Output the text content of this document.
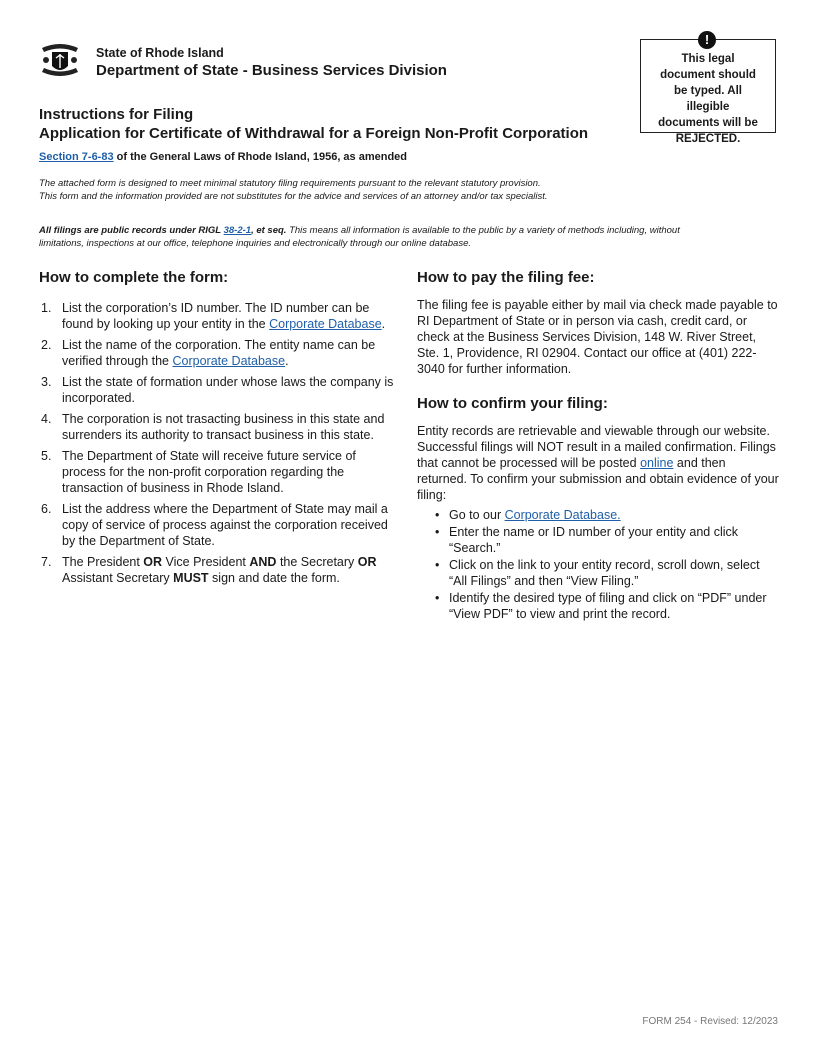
State of Rhode Island
Department of State - Business Services Division
!
This legal document should be typed. All illegible documents will be REJECTED.
Instructions for Filing
Application for Certificate of Withdrawal for a Foreign Non-Profit Corporation
Section 7-6-83 of the General Laws of Rhode Island, 1956, as amended
The attached form is designed to meet minimal statutory filing requirements pursuant to the relevant statutory provision.
This form and the information provided are not substitutes for the advice and services of an attorney and/or tax specialist.
All filings are public records under RIGL 38-2-1, et seq. This means all information is available to the public by a variety of methods including, without limitations, inspections at our office, telephone inquiries and electronically through our online database.
How to complete the form:
1. List the corporation’s ID number. The ID number can be found by looking up your entity in the Corporate Database.
2. List the name of the corporation. The entity name can be verified through the Corporate Database.
3. List the state of formation under whose laws the company is incorporated.
4. The corporation is not trasacting business in this state and surrenders its authority to transact business in this state.
5. The Department of State will receive future service of process for the non-profit corporation regarding the transaction of business in Rhode Island.
6. List the address where the Department of State may mail a copy of service of process against the corporation received by the Department of State.
7. The President OR Vice President AND the Secretary OR Assistant Secretary MUST sign and date the form.
How to pay the filing fee:

The filing fee is payable either by mail via check made payable to RI Department of State or in person via cash, credit card, or check at the Business Services Division, 148 W. River Street, Ste. 1, Providence, RI 02904. Contact our office at (401) 222-3040 for further information.

How to confirm your filing:

Entity records are retrievable and viewable through our website. Successful filings will NOT result in a mailed confirmation. Filings that cannot be processed will be posted online and then returned. To confirm your submission and obtain evidence of your filing:

• Go to our Corporate Database.
• Enter the name or ID number of your entity and click “Search.”
• Click on the link to your entity record, scroll down, select “All Filings” and then “View Filing.”
• Identify the desired type of filing and click on “PDF” under “View PDF” to view and print the record.
FORM 254 - Revised: 12/2023
